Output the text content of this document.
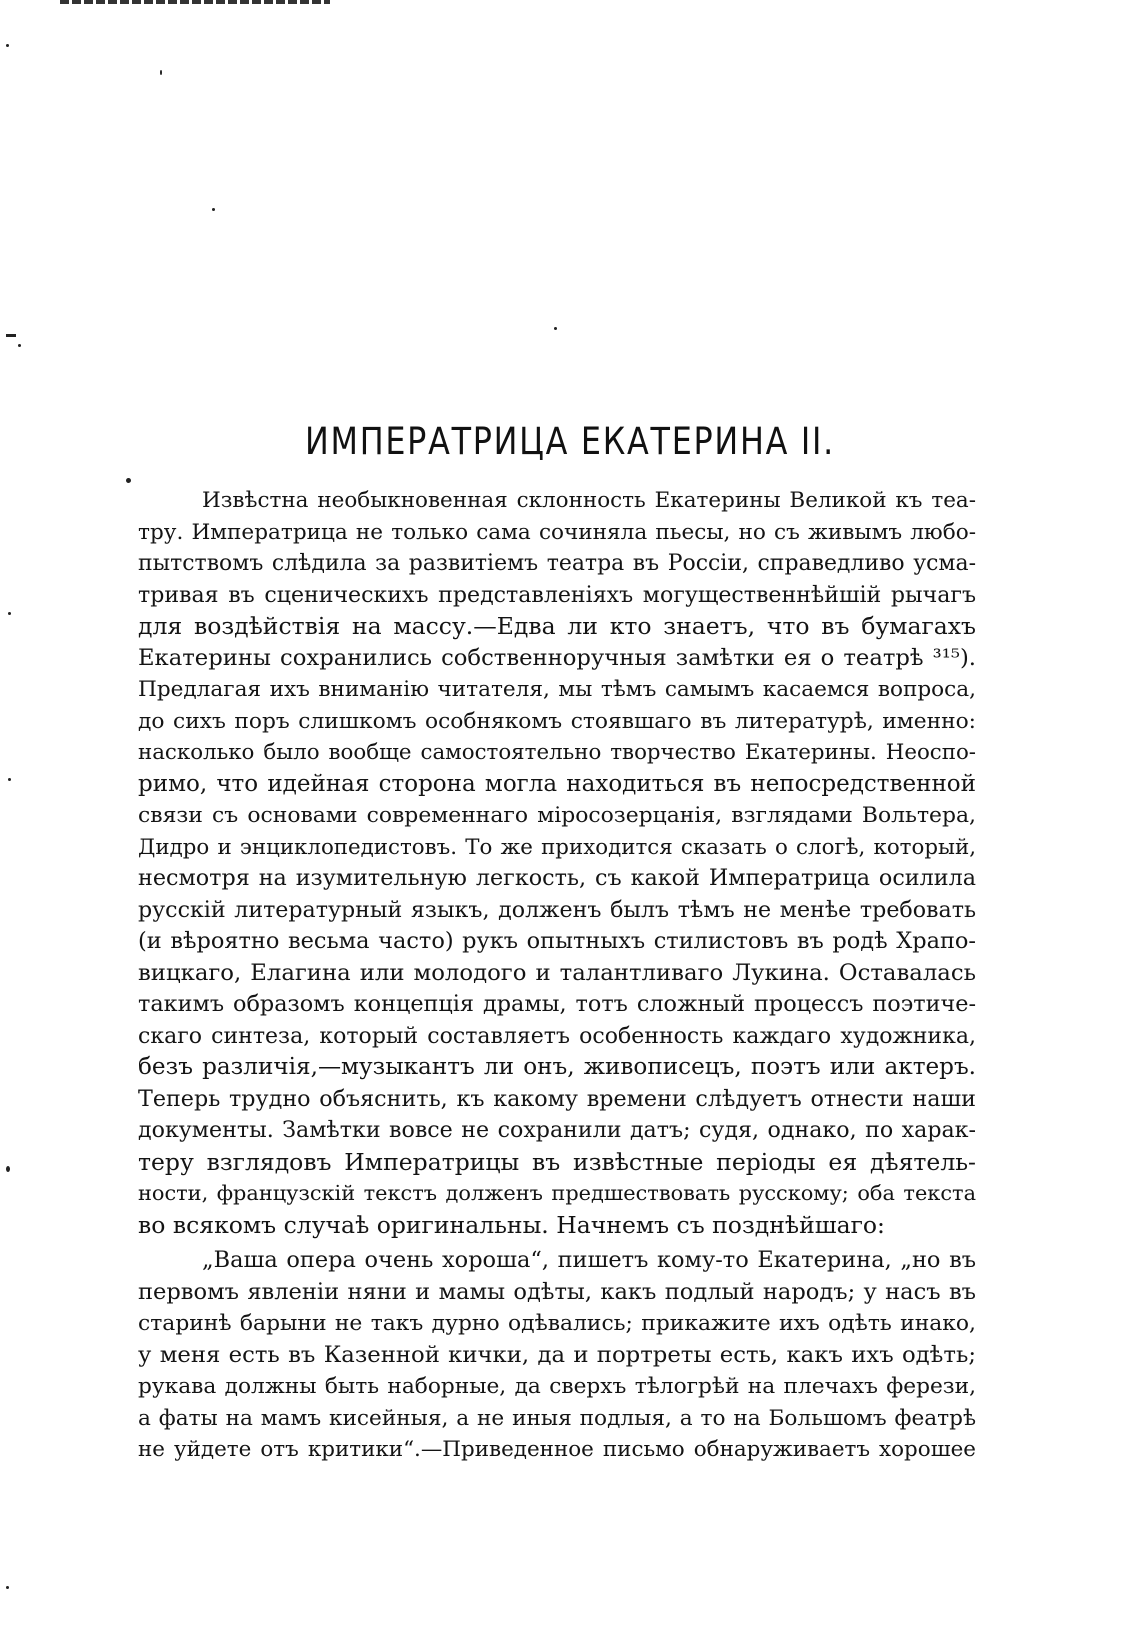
ИМПЕРАТРИЦА ЕКАТЕРИНА II.
Извѣстна необыкновенная склонность Екатерины Великой къ теа-
тру. Императрица не только сама сочиняла пьесы, но съ живымъ любо-
пытствомъ слѣдила за развитiемъ театра въ Россiи, справедливо усма-
тривая въ сценическихъ представленiяхъ могущественнѣйшiй рычагъ
для воздѣйствiя на массу.—Едва ли кто знаетъ, что въ бумагахъ
Екатерины сохранились собственноручныя замѣтки ея о театрѣ ³¹⁵).
Предлагая ихъ вниманiю читателя, мы тѣмъ самымъ касаемся вопроса,
до сихъ поръ слишкомъ особнякомъ стоявшаго въ литературѣ, именно:
насколько было вообще самостоятельно творчество Екатерины. Неоспо-
римо, что идейная сторона могла находиться въ непосредственной
связи съ основами современнаго мiросозерцанiя, взглядами Вольтера,
Дидро и энциклопедистовъ. То же приходится сказать о слогѣ, который,
несмотря на изумительную легкость, съ какой Императрица осилила
русскiй литературный языкъ, долженъ былъ тѣмъ не менѣе требовать
(и вѣроятно весьма часто) рукъ опытныхъ стилистовъ въ родѣ Храпо-
вицкаго, Елагина или молодого и талантливаго Лукина. Оставалась
такимъ образомъ концепцiя драмы, тотъ сложный процессъ поэтиче-
скаго синтеза, который составляетъ особенность каждаго художника,
безъ различiя,—музыкантъ ли онъ, живописецъ, поэтъ или актеръ.
Теперь трудно объяснить, къ какому времени слѣдуетъ отнести наши
документы. Замѣтки вовсе не сохранили датъ; судя, однако, по харак-
теру взглядовъ Императрицы въ извѣстные перiоды ея дѣятель-
ности, французскiй текстъ долженъ предшествовать русскому; оба текста
во всякомъ случаѣ оригинальны. Начнемъ съ позднѣйшаго:
„Ваша опера очень хороша“, пишетъ кому-то Екатерина, „но въ
первомъ явленiи няни и мамы одѣты, какъ подлый народъ; у насъ въ
старинѣ барыни не такъ дурно одѣвались; прикажите ихъ одѣть инако,
у меня есть въ Казенной кички, да и портреты есть, какъ ихъ одѣть;
рукава должны быть наборные, да сверхъ тѣлогрѣй на плечахъ ферези,
а фаты на мамъ кисейныя, а не иныя подлыя, а то на Большомъ феатрѣ
не уйдете отъ критики“.—Приведенное письмо обнаруживаетъ хорошее
